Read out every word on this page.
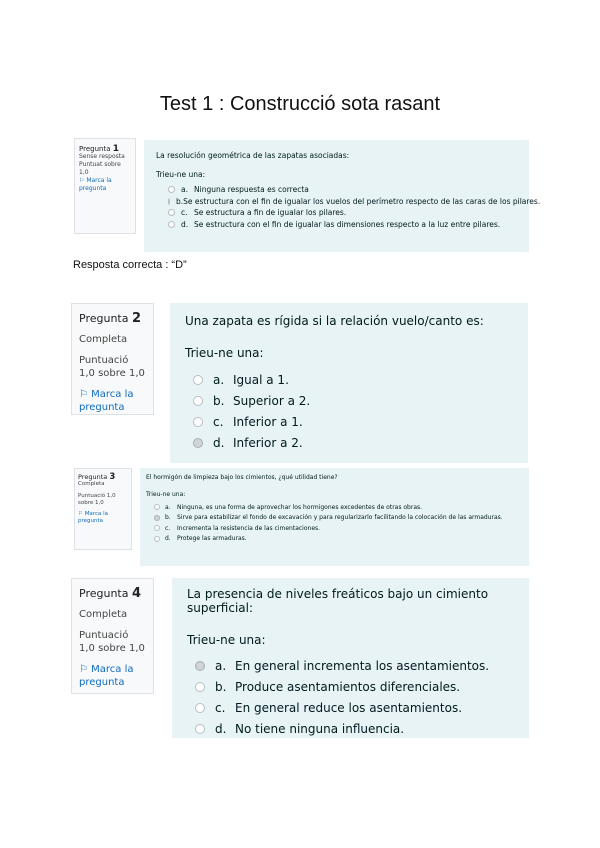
Test 1 : Construcció sota rasant
Pregunta 1
Sense resposta
Puntuat sobre 1,0
⚐ Marca la pregunta
La resolución geométrica de las zapatas asociadas:
Trieu-ne una:
a. Ninguna respuesta es correcta
b. Se estructura con el fin de igualar los vuelos del perímetro respecto de las caras de los pilares.
c. Se estructura a fin de igualar los pilares.
d. Se estructura con el fin de igualar las dimensiones respecto a la luz entre pilares.
Resposta correcta : “D”
Pregunta 2
Completa
Puntuació 1,0 sobre 1,0
⚐ Marca la pregunta
Una zapata es rígida si la relación vuelo/canto es:
Trieu-ne una:
a. Igual a 1.
b. Superior a 2.
c. Inferior a 1.
d. Inferior a 2.
Pregunta 3
Completa
Puntuació 1,0 sobre 1,0
⚐ Marca la pregunta
El hormigón de limpieza bajo los cimientos, ¿qué utilidad tiene?
Trieu-ne una:
a.	Ninguna, es una forma de aprovechar los hormigones excedentes de otras obras.
b.	Sirve para estabilizar el fondo de excavación y para regularizarlo facilitando la colocación de las armaduras.
c.	Incrementa la resistencia de las cimentaciones.
d.	Protege las armaduras.
Pregunta 4
Completa
Puntuació 1,0 sobre 1,0
⚐ Marca la pregunta
La presencia de niveles freáticos bajo un cimiento superficial:
Trieu-ne una:
a. En general incrementa los asentamientos.
b. Produce asentamientos diferenciales.
c. En general reduce los asentamientos.
d. No tiene ninguna influencia.
